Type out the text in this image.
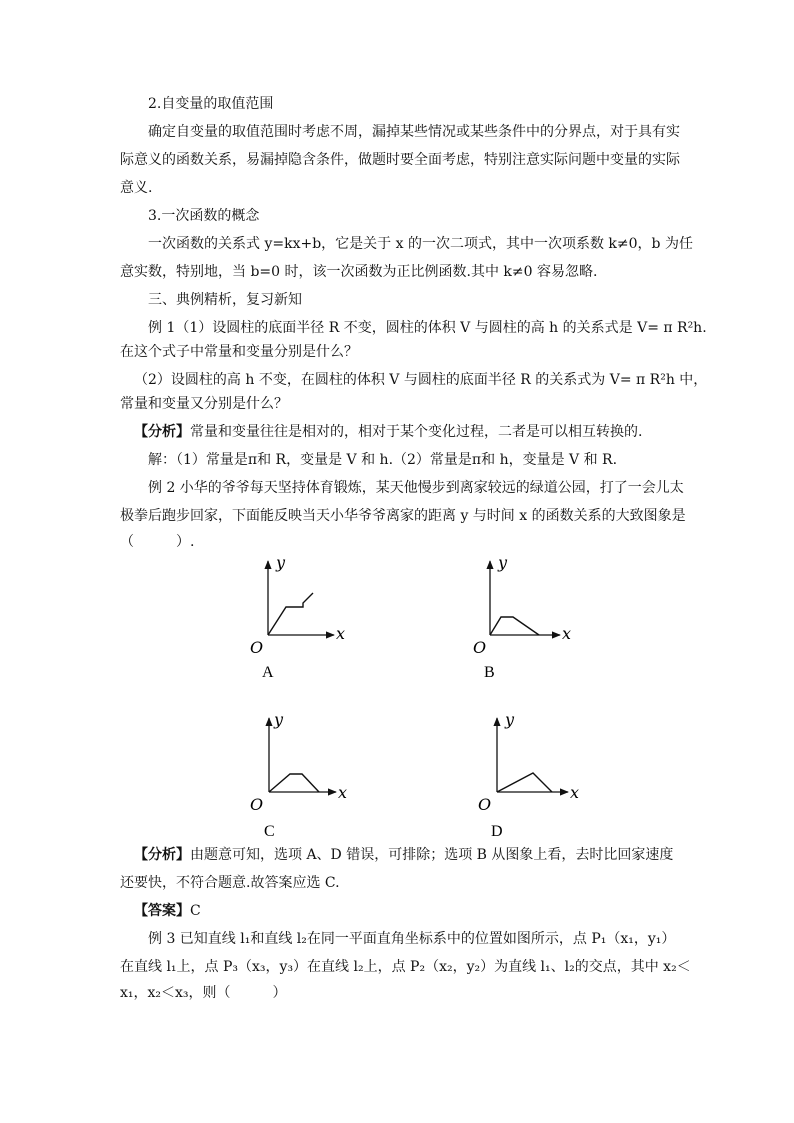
2.自变量的取值范围
确定自变量的取值范围时考虑不周，漏掉某些情况或某些条件中的分界点，对于具有实
际意义的函数关系，易漏掉隐含条件，做题时要全面考虑，特别注意实际问题中变量的实际
意义.
3.一次函数的概念
一次函数的关系式 y=kx+b，它是关于 x 的一次二项式，其中一次项系数 k≠0，b 为任
意实数，特别地，当 b=0 时，该一次函数为正比例函数.其中 k≠0 容易忽略.
三、典例精析，复习新知
例 1（1）设圆柱的底面半径 R 不变，圆柱的体积 V 与圆柱的高 h 的关系式是 V= π R²h.
在这个式子中常量和变量分别是什么？
（2）设圆柱的高 h 不变，在圆柱的体积 V 与圆柱的底面半径 R 的关系式为 V= π R²h 中，
常量和变量又分别是什么？
【分析】常量和变量往往是相对的，相对于某个变化过程，二者是可以相互转换的.
解：（1）常量是π和 R，变量是 V 和 h.（2）常量是π和 h，变量是 V 和 R.
例 2 小华的爷爷每天坚持体育锻炼，某天他慢步到离家较远的绿道公园，打了一会儿太
极拳后跑步回家，下面能反映当天小华爷爷离家的距离 y 与时间 x 的函数关系的大致图象是
（　　　）.
O
x
y
A
O
x
y
B
O
x
y
C
O
x
y
D
【分析】由题意可知，选项 A、D 错误，可排除；选项 B 从图象上看，去时比回家速度
还要快，不符合题意.故答案应选 C.
【答案】C
例 3 已知直线 l₁和直线 l₂在同一平面直角坐标系中的位置如图所示，点 P₁（x₁，y₁）
在直线 l₁上，点 P₃（x₃，y₃）在直线 l₂上，点 P₂（x₂，y₂）为直线 l₁、l₂的交点，其中 x₂＜
x₁，x₂＜x₃，则（　　　）
